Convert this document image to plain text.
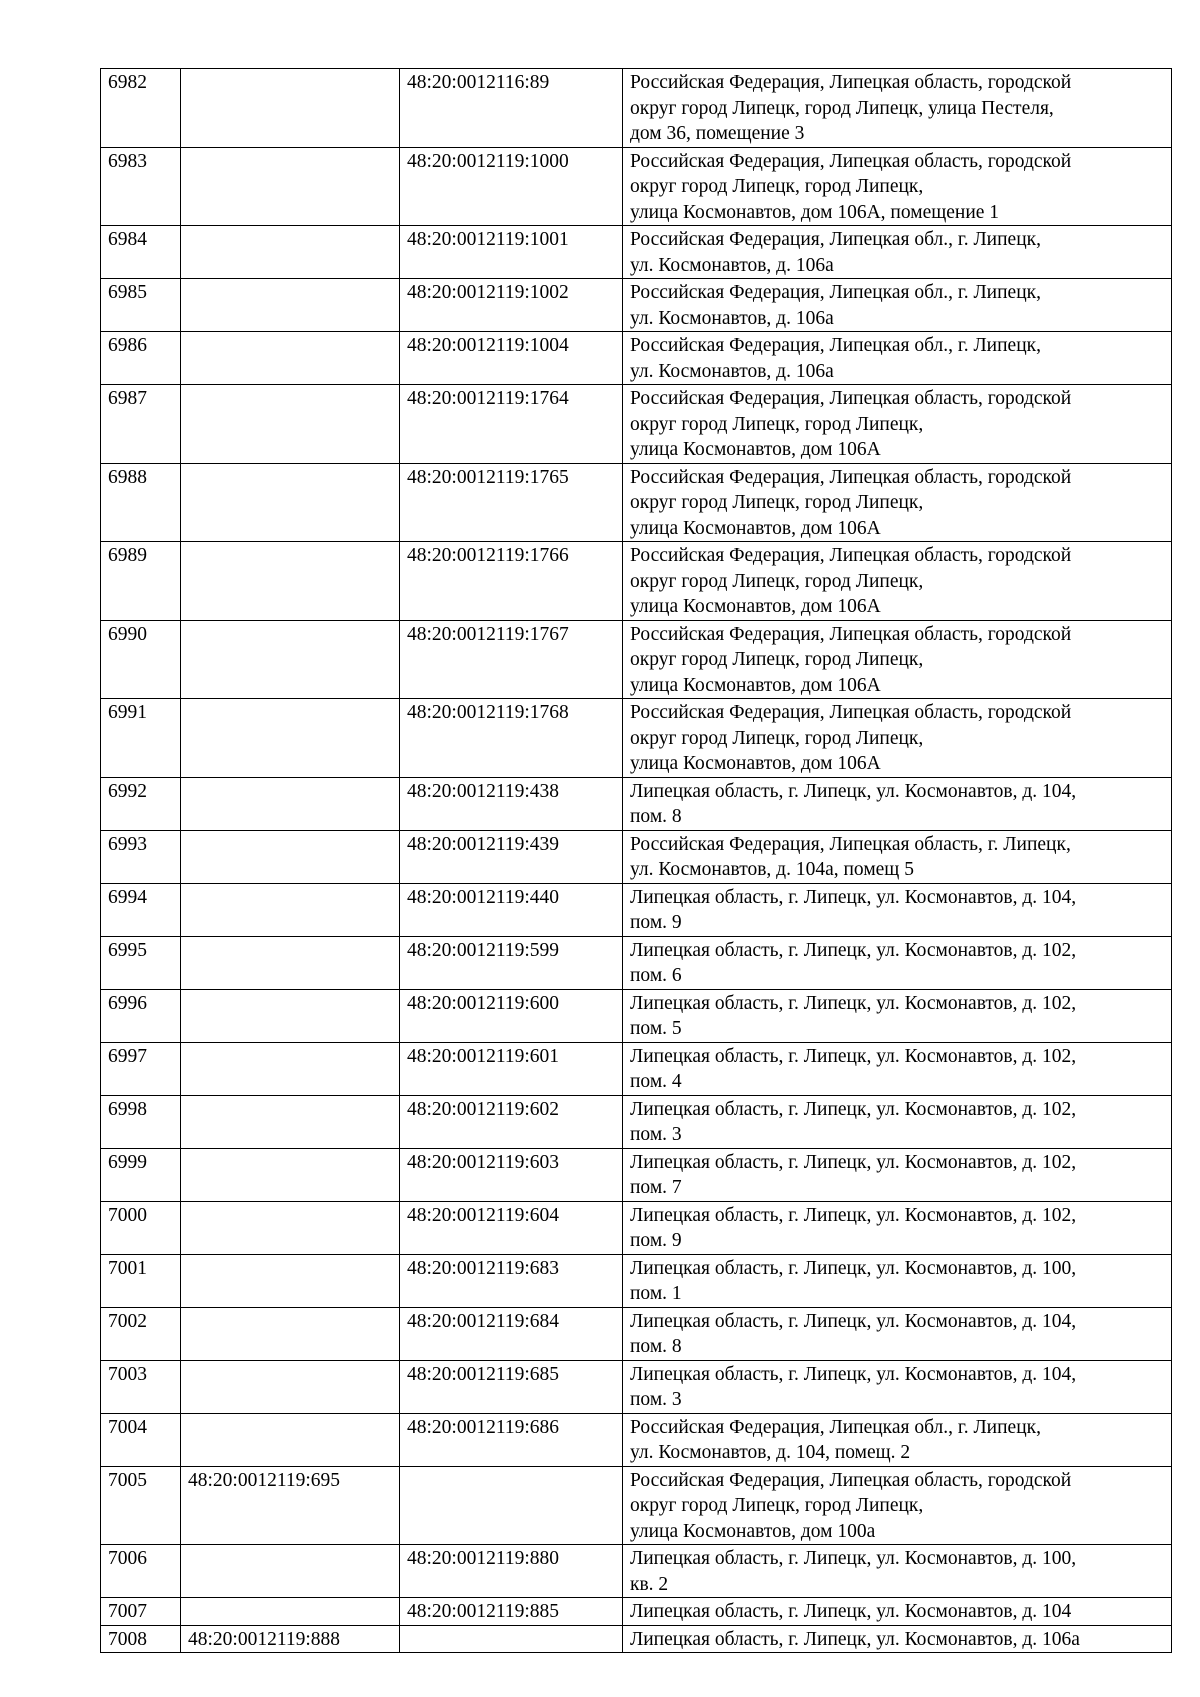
6982		48:20:0012116:89	Российская Федерация, Липецкая область, городской
округ город Липецк, город Липецк, улица Пестеля,
дом 36, помещение 3

6983		48:20:0012119:1000	Российская Федерация, Липецкая область, городской
округ город Липецк, город Липецк,
улица Космонавтов, дом 106А, помещение 1

6984		48:20:0012119:1001	Российская Федерация, Липецкая обл., г. Липецк,
ул. Космонавтов, д. 106а

6985		48:20:0012119:1002	Российская Федерация, Липецкая обл., г. Липецк,
ул. Космонавтов, д. 106а

6986		48:20:0012119:1004	Российская Федерация, Липецкая обл., г. Липецк,
ул. Космонавтов, д. 106а

6987		48:20:0012119:1764	Российская Федерация, Липецкая область, городской
округ город Липецк, город Липецк,
улица Космонавтов, дом 106А

6988		48:20:0012119:1765	Российская Федерация, Липецкая область, городской
округ город Липецк, город Липецк,
улица Космонавтов, дом 106А

6989		48:20:0012119:1766	Российская Федерация, Липецкая область, городской
округ город Липецк, город Липецк,
улица Космонавтов, дом 106А

6990		48:20:0012119:1767	Российская Федерация, Липецкая область, городской
округ город Липецк, город Липецк,
улица Космонавтов, дом 106А

6991		48:20:0012119:1768	Российская Федерация, Липецкая область, городской
округ город Липецк, город Липецк,
улица Космонавтов, дом 106А

6992		48:20:0012119:438	Липецкая область, г. Липецк, ул. Космонавтов, д. 104,
пом. 8

6993		48:20:0012119:439	Российская Федерация, Липецкая область, г. Липецк,
ул. Космонавтов, д. 104а, помещ 5

6994		48:20:0012119:440	Липецкая область, г. Липецк, ул. Космонавтов, д. 104,
пом. 9

6995		48:20:0012119:599	Липецкая область, г. Липецк, ул. Космонавтов, д. 102,
пом. 6

6996		48:20:0012119:600	Липецкая область, г. Липецк, ул. Космонавтов, д. 102,
пом. 5

6997		48:20:0012119:601	Липецкая область, г. Липецк, ул. Космонавтов, д. 102,
пом. 4

6998		48:20:0012119:602	Липецкая область, г. Липецк, ул. Космонавтов, д. 102,
пом. 3

6999		48:20:0012119:603	Липецкая область, г. Липецк, ул. Космонавтов, д. 102,
пом. 7

7000		48:20:0012119:604	Липецкая область, г. Липецк, ул. Космонавтов, д. 102,
пом. 9

7001		48:20:0012119:683	Липецкая область, г. Липецк, ул. Космонавтов, д. 100,
пом. 1

7002		48:20:0012119:684	Липецкая область, г. Липецк, ул. Космонавтов, д. 104,
пом. 8

7003		48:20:0012119:685	Липецкая область, г. Липецк, ул. Космонавтов, д. 104,
пом. 3

7004		48:20:0012119:686	Российская Федерация, Липецкая обл., г. Липецк,
ул. Космонавтов, д. 104, помещ. 2

7005	48:20:0012119:695		Российская Федерация, Липецкая область, городской
округ город Липецк, город Липецк,
улица Космонавтов, дом 100а

7006		48:20:0012119:880	Липецкая область, г. Липецк, ул. Космонавтов, д. 100,
кв. 2

7007		48:20:0012119:885	Липецкая область, г. Липецк, ул. Космонавтов, д. 104

7008	48:20:0012119:888		Липецкая область, г. Липецк, ул. Космонавтов, д. 106а
